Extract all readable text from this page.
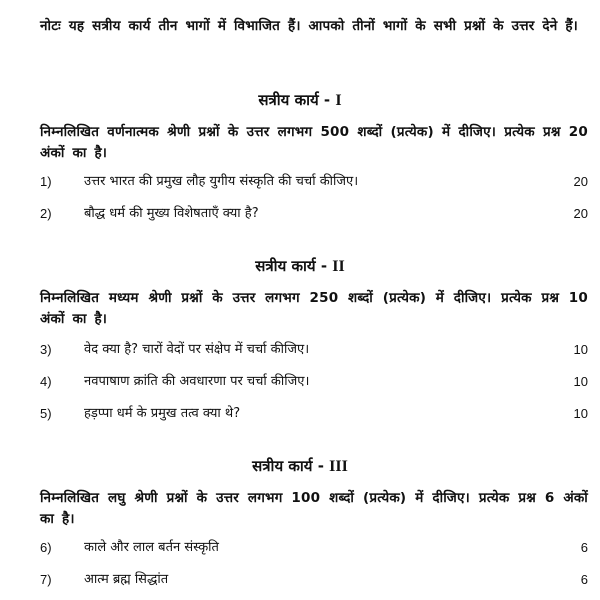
नोटः यह सत्रीय कार्य तीन भागों में विभाजित हैं। आपको तीनों भागों के सभी प्रश्नों के उत्तर देने हैं।
सत्रीय कार्य - I
निम्नलिखित वर्णनात्मक श्रेणी प्रश्नों के उत्तर लगभग 500 शब्दों (प्रत्येक) में दीजिए। प्रत्येक प्रश्न 20 अंकों का है।
1) उत्तर भारत की प्रमुख लौह युगीय संस्कृति की चर्चा कीजिए।	20
2) बौद्ध धर्म की मुख्य विशेषताएँ क्या है?	20
सत्रीय कार्य - II
निम्नलिखित मध्यम श्रेणी प्रश्नों के उत्तर लगभग 250 शब्दों (प्रत्येक) में दीजिए। प्रत्येक प्रश्न 10 अंकों का है।
3) वेद क्या है? चारों वेदों पर संक्षेप में चर्चा कीजिए।	10
4) नवपाषाण क्रांति की अवधारणा पर चर्चा कीजिए।	10
5) हड़प्पा धर्म के प्रमुख तत्व क्या थे?	10
सत्रीय कार्य - III
निम्नलिखित लघु श्रेणी प्रश्नों के उत्तर लगभग 100 शब्दों (प्रत्येक) में दीजिए। प्रत्येक प्रश्न 6 अंकों का है।
6) काले और लाल बर्तन संस्कृति	6
7) आत्म ब्रह्म सिद्धांत	6
